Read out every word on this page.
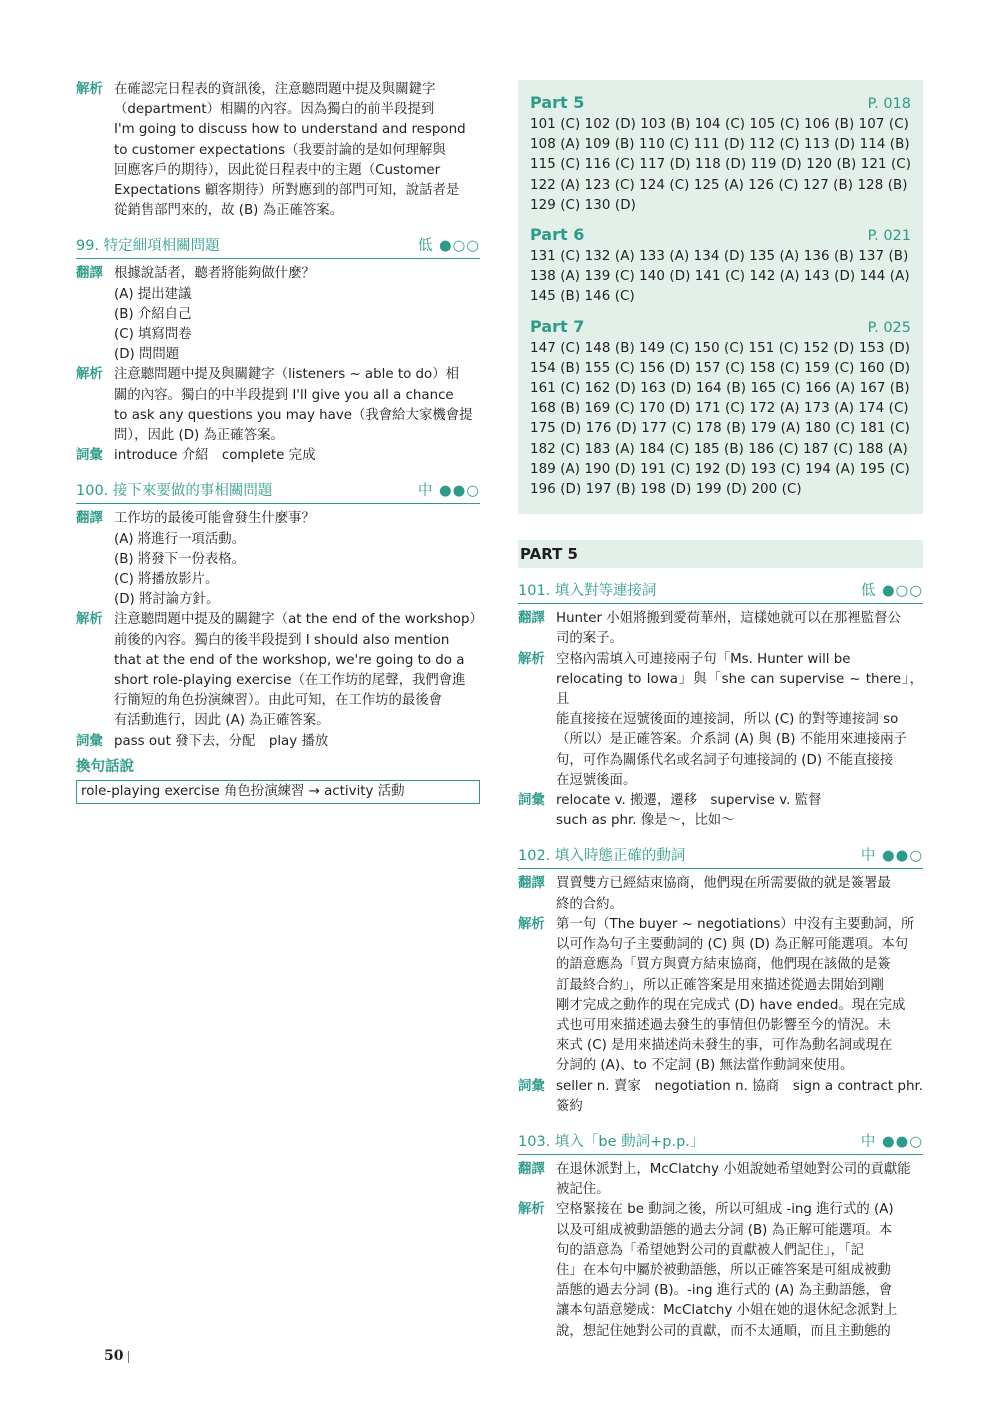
解析 在確認完日程表的資訊後，注意聽問題中提及與關鍵字
（department）相關的內容。因為獨白的前半段提到
I'm going to discuss how to understand and respond
to customer expectations（我要討論的是如何理解與
回應客戶的期待），因此從日程表中的主題（Customer
Expectations 顧客期待）所對應到的部門可知，說話者是
從銷售部門來的，故 (B) 為正確答案。
99. 特定細項相關問題	低 ●○○
翻譯 根據說話者，聽者將能夠做什麼？
(A) 提出建議
(B) 介紹自己
(C) 填寫問卷
(D) 問問題
解析 注意聽問題中提及與關鍵字（listeners ~ able to do）相
關的內容。獨白的中半段提到 I'll give you all a chance
to ask any questions you may have（我會給大家機會提
問），因此 (D) 為正確答案。
詞彙 introduce 介紹　complete 完成
100. 接下來要做的事相關問題	中 ●●○
翻譯 工作坊的最後可能會發生什麼事？
(A) 將進行一項活動。
(B) 將發下一份表格。
(C) 將播放影片。
(D) 將討論方針。
解析 注意聽問題中提及的關鍵字（at the end of the workshop）
前後的內容。獨白的後半段提到 I should also mention
that at the end of the workshop, we're going to do a
short role-playing exercise（在工作坊的尾聲，我們會進
行簡短的角色扮演練習）。由此可知，在工作坊的最後會
有活動進行，因此 (A) 為正確答案。
詞彙 pass out 發下去，分配　play 播放
換句話說
role-playing exercise 角色扮演練習 → activity 活動
Part 5	P. 018
101 (C) 102 (D) 103 (B) 104 (C) 105 (C) 106 (B) 107 (C)
108 (A) 109 (B) 110 (C) 111 (D) 112 (C) 113 (D) 114 (B)
115 (C) 116 (C) 117 (D) 118 (D) 119 (D) 120 (B) 121 (C)
122 (A) 123 (C) 124 (C) 125 (A) 126 (C) 127 (B) 128 (B)
129 (C) 130 (D)
Part 6	P. 021
131 (C) 132 (A) 133 (A) 134 (D) 135 (A) 136 (B) 137 (B)
138 (A) 139 (C) 140 (D) 141 (C) 142 (A) 143 (D) 144 (A)
145 (B) 146 (C)
Part 7	P. 025
147 (C) 148 (B) 149 (C) 150 (C) 151 (C) 152 (D) 153 (D)
154 (B) 155 (C) 156 (D) 157 (C) 158 (C) 159 (C) 160 (D)
161 (C) 162 (D) 163 (D) 164 (B) 165 (C) 166 (A) 167 (B)
168 (B) 169 (C) 170 (D) 171 (C) 172 (A) 173 (A) 174 (C)
175 (D) 176 (D) 177 (C) 178 (B) 179 (A) 180 (C) 181 (C)
182 (C) 183 (A) 184 (C) 185 (B) 186 (C) 187 (C) 188 (A)
189 (A) 190 (D) 191 (C) 192 (D) 193 (C) 194 (A) 195 (C)
196 (D) 197 (B) 198 (D) 199 (D) 200 (C)
PART 5
101. 填入對等連接詞	低 ●○○
翻譯 Hunter 小姐將搬到愛荷華州，這樣她就可以在那裡監督公
司的案子。
解析 空格內需填入可連接兩子句「Ms. Hunter will be
relocating to Iowa」與「she can supervise ~ there」，且
能直接接在逗號後面的連接詞，所以 (C) 的對等連接詞 so
（所以）是正確答案。介系詞 (A) 與 (B) 不能用來連接兩子
句，可作為關係代名或名詞子句連接詞的 (D) 不能直接接
在逗號後面。
詞彙 relocate v. 搬遷，遷移　supervise v. 監督
such as phr. 像是～，比如～
102. 填入時態正確的動詞	中 ●●○
翻譯 買賣雙方已經結束協商，他們現在所需要做的就是簽署最
終的合約。
解析 第一句（The buyer ~ negotiations）中沒有主要動詞，所
以可作為句子主要動詞的 (C) 與 (D) 為正解可能選項。本句
的語意應為「買方與賣方結束協商，他們現在該做的是簽
訂最終合約」，所以正確答案是用來描述從過去開始到剛
剛才完成之動作的現在完成式 (D) have ended。現在完成
式也可用來描述過去發生的事情但仍影響至今的情況。未
來式 (C) 是用來描述尚未發生的事，可作為動名詞或現在
分詞的 (A)、to 不定詞 (B) 無法當作動詞來使用。
詞彙 seller n. 賣家　negotiation n. 協商　sign a contract phr. 簽約
103. 填入「be 動詞+p.p.」	中 ●●○
翻譯 在退休派對上，McClatchy 小姐說她希望她對公司的貢獻能
被記住。
解析 空格緊接在 be 動詞之後，所以可組成 -ing 進行式的 (A)
以及可組成被動語態的過去分詞 (B) 為正解可能選項。本
句的語意為「希望她對公司的貢獻被人們記住」，「記
住」在本句中屬於被動語態，所以正確答案是可組成被動
語態的過去分詞 (B)。-ing 進行式的 (A) 為主動語態，會
讓本句語意變成：McClatchy 小姐在她的退休紀念派對上
說，想記住她對公司的貢獻，而不太通順，而且主動態的
50
